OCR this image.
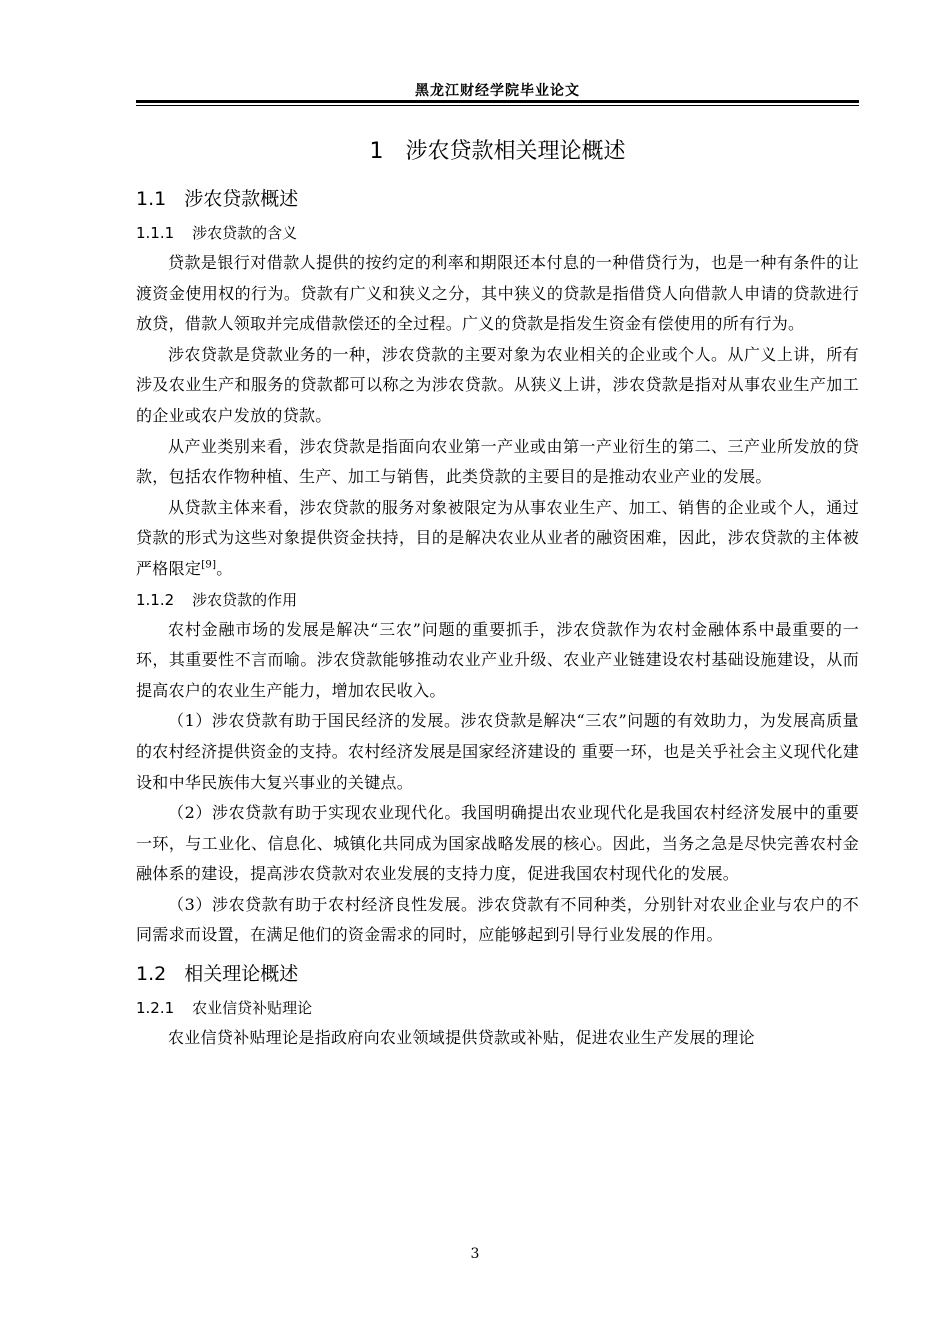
黑龙江财经学院毕业论文
1 涉农贷款相关理论概述
1.1 涉农贷款概述
1.1.1 涉农贷款的含义

贷款是银行对借款人提供的按约定的利率和期限还本付息的一种借贷行为，也是一种有条件的让渡资金使用权的行为。贷款有广义和狭义之分，其中狭义的贷款是指借贷人向借款人申请的贷款进行放贷，借款人领取并完成借款偿还的全过程。广义的贷款是指发生资金有偿使用的所有行为。

涉农贷款是贷款业务的一种，涉农贷款的主要对象为农业相关的企业或个人。从广义上讲，所有涉及农业生产和服务的贷款都可以称之为涉农贷款。从狭义上讲，涉农贷款是指对从事农业生产加工的企业或农户发放的贷款。

从产业类别来看，涉农贷款是指面向农业第一产业或由第一产业衍生的第二、三产业所发放的贷款，包括农作物种植、生产、加工与销售，此类贷款的主要目的是推动农业产业的发展。

从贷款主体来看，涉农贷款的服务对象被限定为从事农业生产、加工、销售的企业或个人，通过贷款的形式为这些对象提供资金扶持，目的是解决农业从业者的融资困难，因此，涉农贷款的主体被严格限定[9]。

1.1.2 涉农贷款的作用

农村金融市场的发展是解决“三农”问题的重要抓手，涉农贷款作为农村金融体系中最重要的一环，其重要性不言而喻。涉农贷款能够推动农业产业升级、农业产业链建设农村基础设施建设，从而提高农户的农业生产能力，增加农民收入。

（1）涉农贷款有助于国民经济的发展。涉农贷款是解决“三农”问题的有效助力，为发展高质量的农村经济提供资金的支持。农村经济发展是国家经济建设的 重要一环，也是关乎社会主义现代化建设和中华民族伟大复兴事业的关键点。

（2）涉农贷款有助于实现农业现代化。我国明确提出农业现代化是我国农村经济发展中的重要一环，与工业化、信息化、城镇化共同成为国家战略发展的核心。因此，当务之急是尽快完善农村金融体系的建设，提高涉农贷款对农业发展的支持力度，促进我国农村现代化的发展。

（3）涉农贷款有助于农村经济良性发展。涉农贷款有不同种类，分别针对农业企业与农户的不同需求而设置，在满足他们的资金需求的同时，应能够起到引导行业发展的作用。

1.2 相关理论概述
1.2.1 农业信贷补贴理论

农业信贷补贴理论是指政府向农业领域提供贷款或补贴，促进农业生产发展的理论

3
